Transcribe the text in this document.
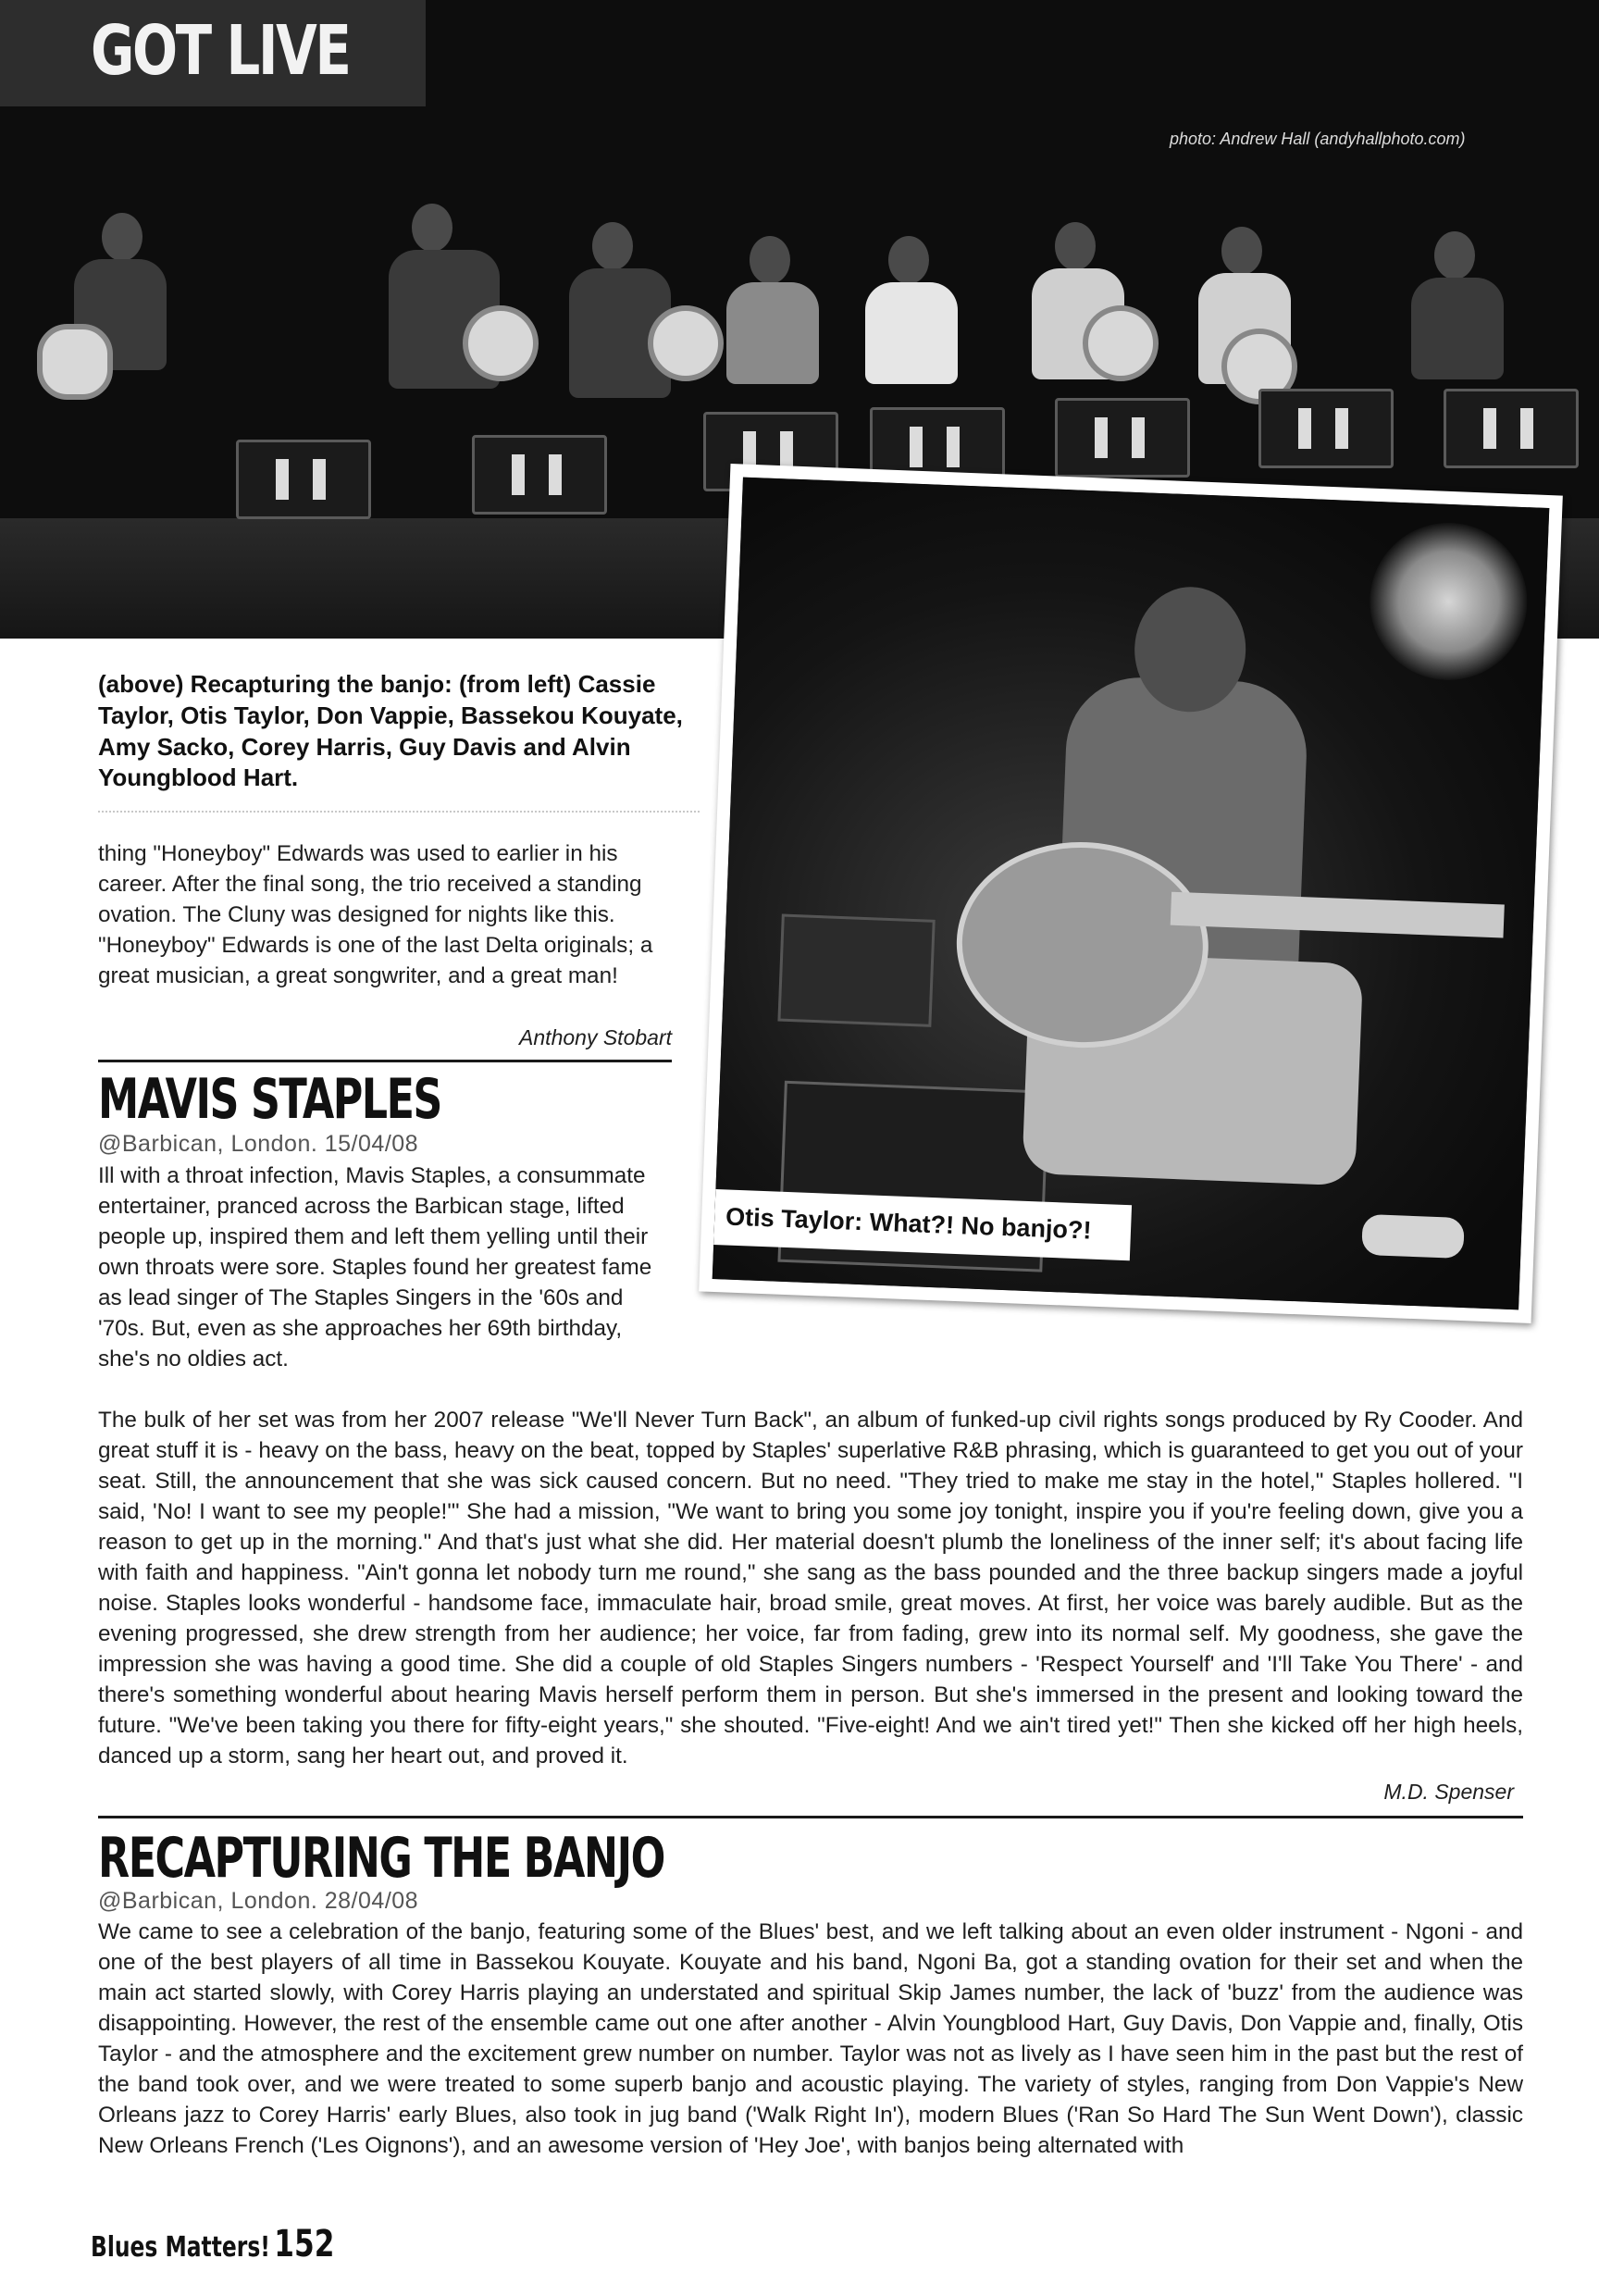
GOT LIVE

photo: Andrew Hall (andyhallphoto.com)

(above) Recapturing the banjo: (from left) Cassie Taylor, Otis Taylor, Don Vappie, Bassekou Kouyate, Amy Sacko, Corey Harris, Guy Davis and Alvin Youngblood Hart.

Otis Taylor: What?! No banjo?!

thing "Honeyboy" Edwards was used to earlier in his career. After the final song, the trio received a standing ovation. The Cluny was designed for nights like this. "Honeyboy" Edwards is one of the last Delta originals; a great musician, a great songwriter, and a great man!

Anthony Stobart

MAVIS STAPLES

@Barbican, London. 15/04/08

Ill with a throat infection, Mavis Staples, a consummate entertainer, pranced across the Barbican stage, lifted people up, inspired them and left them yelling until their own throats were sore. Staples found her greatest fame as lead singer of The Staples Singers in the '60s and '70s. But, even as she approaches her 69th birthday, she's no oldies act.

The bulk of her set was from her 2007 release "We'll Never Turn Back", an album of funked-up civil rights songs produced by Ry Cooder. And great stuff it is - heavy on the bass, heavy on the beat, topped by Staples' superlative R&B phrasing, which is guaranteed to get you out of your seat. Still, the announcement that she was sick caused concern. But no need. "They tried to make me stay in the hotel," Staples hollered. "I said, 'No! I want to see my people!'" She had a mission, "We want to bring you some joy tonight, inspire you if you're feeling down, give you a reason to get up in the morning." And that's just what she did. Her material doesn't plumb the loneliness of the inner self; it's about facing life with faith and happiness. "Ain't gonna let nobody turn me round," she sang as the bass pounded and the three backup singers made a joyful noise. Staples looks wonderful - handsome face, immaculate hair, broad smile, great moves. At first, her voice was barely audible. But as the evening progressed, she drew strength from her audience; her voice, far from fading, grew into its normal self. My goodness, she gave the impression she was having a good time. She did a couple of old Staples Singers numbers - 'Respect Yourself' and 'I'll Take You There' - and there's something wonderful about hearing Mavis herself perform them in person. But she's immersed in the present and looking toward the future. "We've been taking you there for fifty-eight years," she shouted. "Five-eight! And we ain't tired yet!" Then she kicked off her high heels, danced up a storm, sang her heart out, and proved it.

M.D. Spenser

RECAPTURING THE BANJO

@Barbican, London. 28/04/08

We came to see a celebration of the banjo, featuring some of the Blues' best, and we left talking about an even older instrument - Ngoni - and one of the best players of all time in Bassekou Kouyate. Kouyate and his band, Ngoni Ba, got a standing ovation for their set and when the main act started slowly, with Corey Harris playing an understated and spiritual Skip James number, the lack of 'buzz' from the audience was disappointing. However, the rest of the ensemble came out one after another - Alvin Youngblood Hart, Guy Davis, Don Vappie and, finally, Otis Taylor - and the atmosphere and the excitement grew number on number. Taylor was not as lively as I have seen him in the past but the rest of the band took over, and we were treated to some superb banjo and acoustic playing. The variety of styles, ranging from Don Vappie's New Orleans jazz to Corey Harris' early Blues, also took in jug band ('Walk Right In'), modern Blues ('Ran So Hard The Sun Went Down'), classic New Orleans French ('Les Oignons'), and an awesome version of 'Hey Joe', with banjos being alternated with

Blues Matters! 152
